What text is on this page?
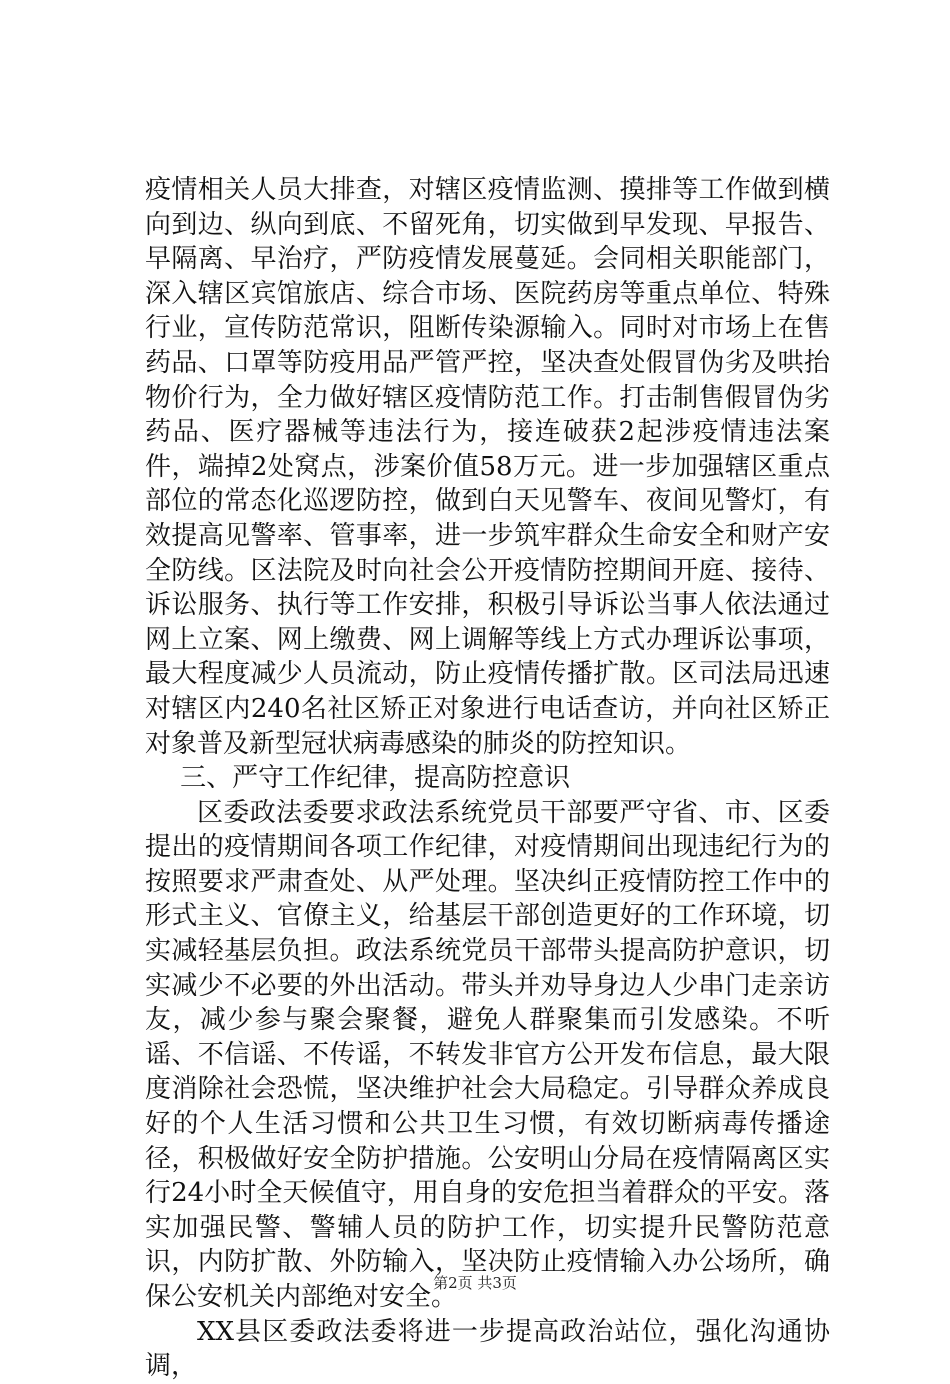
疫情相关人员大排查，对辖区疫情监测、摸排等工作做到横向到边、纵向到底、不留死角，切实做到早发现、早报告、早隔离、早治疗，严防疫情发展蔓延。会同相关职能部门，深入辖区宾馆旅店、综合市场、医院药房等重点单位、特殊行业，宣传防范常识，阻断传染源输入。同时对市场上在售药品、口罩等防疫用品严管严控，坚决查处假冒伪劣及哄抬物价行为，全力做好辖区疫情防范工作。打击制售假冒伪劣药品、医疗器械等违法行为，接连破获2起涉疫情违法案件，端掉2处窝点，涉案价值58万元。进一步加强辖区重点部位的常态化巡逻防控，做到白天见警车、夜间见警灯，有效提高见警率、管事率，进一步筑牢群众生命安全和财产安全防线。区法院及时向社会公开疫情防控期间开庭、接待、诉讼服务、执行等工作安排，积极引导诉讼当事人依法通过网上立案、网上缴费、网上调解等线上方式办理诉讼事项，最大程度减少人员流动，防止疫情传播扩散。区司法局迅速对辖区内240名社区矫正对象进行电话查访，并向社区矫正对象普及新型冠状病毒感染的肺炎的防控知识。

三、严守工作纪律，提高防控意识

区委政法委要求政法系统党员干部要严守省、市、区委提出的疫情期间各项工作纪律，对疫情期间出现违纪行为的按照要求严肃查处、从严处理。坚决纠正疫情防控工作中的形式主义、官僚主义，给基层干部创造更好的工作环境，切实减轻基层负担。政法系统党员干部带头提高防护意识，切实减少不必要的外出活动。带头并劝导身边人少串门走亲访友，减少参与聚会聚餐，避免人群聚集而引发感染。不听谣、不信谣、不传谣，不转发非官方公开发布信息，最大限度消除社会恐慌，坚决维护社会大局稳定。引导群众养成良好的个人生活习惯和公共卫生习惯，有效切断病毒传播途径，积极做好安全防护措施。公安明山分局在疫情隔离区实行24小时全天候值守，用自身的安危担当着群众的平安。落实加强民警、警辅人员的防护工作，切实提升民警防范意识，内防扩散、外防输入，坚决防止疫情输入办公场所，确保公安机关内部绝对安全。

XX县区委政法委将进一步提高政治站位，强化沟通协调，

第2页 共3页
